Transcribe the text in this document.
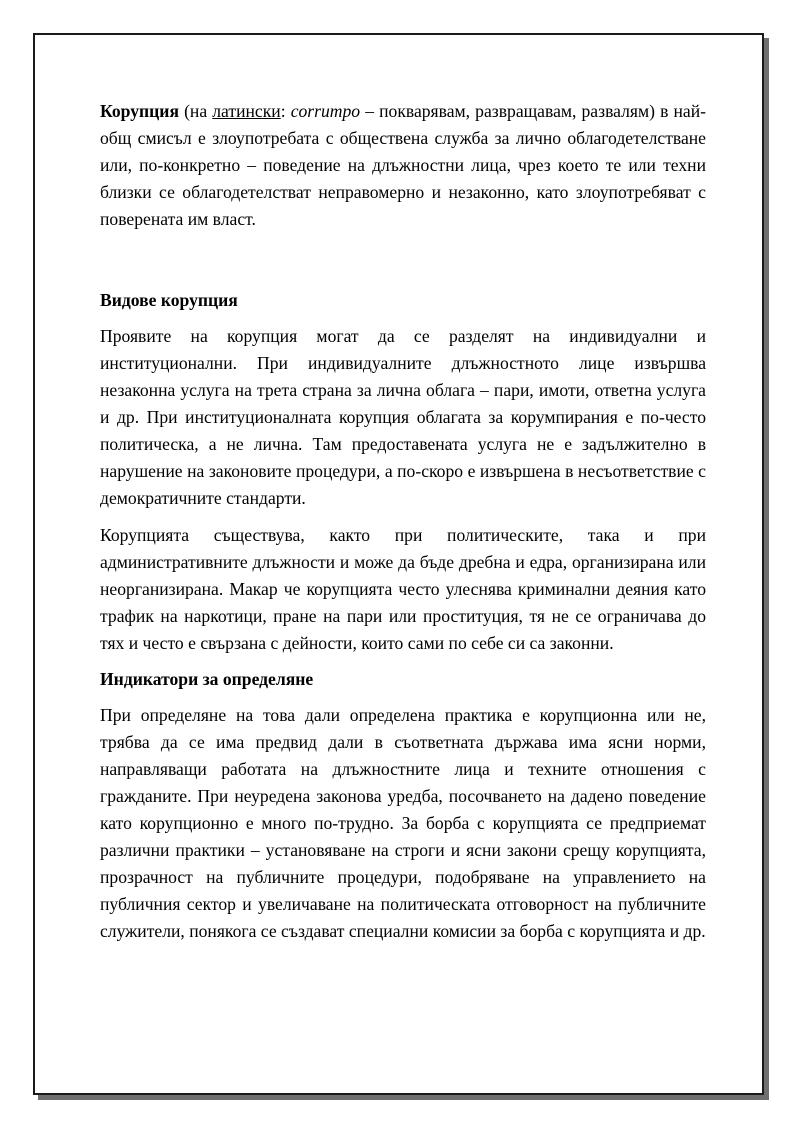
Корупция (на латински: corrumpo – покварявам, развращавам, развалям) в най-общ смисъл е злоупотребата с обществена служба за лично облагодетелстване или, по-конкретно – поведение на длъжностни лица, чрез което те или техни близки се облагодетелстват неправомерно и незаконно, като злоупотребяват с поверената им власт.

Видове корупция

Проявите на корупция могат да се разделят на индивидуални и институционални. При индивидуалните длъжностното лице извършва незаконна услуга на трета страна за лична облага – пари, имоти, ответна услуга и др. При институционалната корупция облагата за корумпирания е по-често политическа, а не лична. Там предоставената услуга не е задължително в нарушение на законовите процедури, а по-скоро е извършена в несъответствие с демократичните стандарти.

Корупцията съществува, както при политическите, така и при административните длъжности и може да бъде дребна и едра, организирана или неорганизирана. Макар че корупцията често улеснява криминални деяния като трафик на наркотици, пране на пари или проституция, тя не се ограничава до тях и често е свързана с дейности, които сами по себе си са законни.

Индикатори за определяне

При определяне на това дали определена практика е корупционна или не, трябва да се има предвид дали в съответната държава има ясни норми, направляващи работата на длъжностните лица и техните отношения с гражданите. При неуредена законова уредба, посочването на дадено поведение като корупционно е много по-трудно. За борба с корупцията се предприемат различни практики – установяване на строги и ясни закони срещу корупцията, прозрачност на публичните процедури, подобряване на управлението на публичния сектор и увеличаване на политическата отговорност на публичните служители, понякога се създават специални комисии за борба с корупцията и др.
